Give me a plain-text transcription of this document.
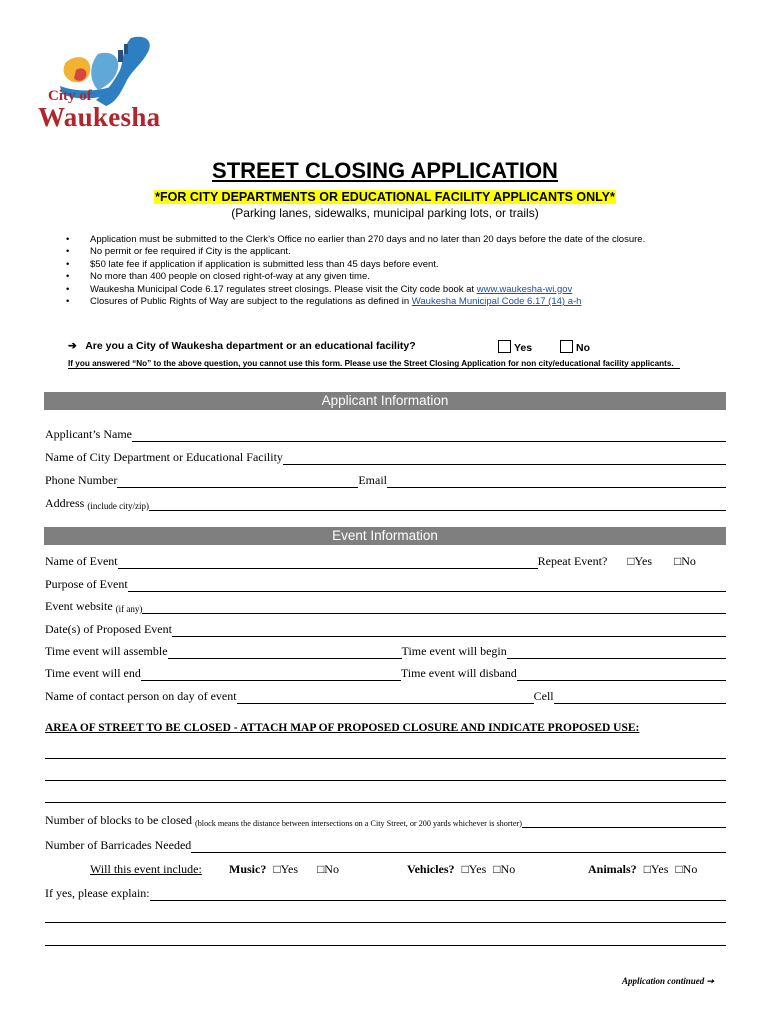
City of
Waukesha
STREET CLOSING APPLICATION
*FOR CITY DEPARTMENTS OR EDUCATIONAL FACILITY APPLICANTS ONLY*
(Parking lanes, sidewalks, municipal parking lots, or trails)
• Application must be submitted to the Clerk’s Office no earlier than 270 days and no later than 20 days before the date of the closure.
• No permit or fee required if City is the applicant.
• $50 late fee if application if application is submitted less than 45 days before event.
• No more than 400 people on closed right-of-way at any given time.
• Waukesha Municipal Code 6.17 regulates street closings. Please visit the City code book at www.waukesha-wi.gov
• Closures of Public Rights of Way are subject to the regulations as defined in Waukesha Municipal Code 6.17 (14) a-h
➔ Are you a City of Waukesha department or an educational facility?	Yes	No
If you answered “No” to the above question, you cannot use this form. Please use the Street Closing Application for non city/educational facility applicants.
Applicant Information
Applicant’s Name
Name of City Department or Educational Facility
Phone Number	Email
Address (include city/zip)
Event Information
Name of Event	Repeat Event? □Yes □No
Purpose of Event
Event website (if any)
Date(s) of Proposed Event
Time event will assemble	Time event will begin
Time event will end	Time event will disband
Name of contact person on day of event	Cell
AREA OF STREET TO BE CLOSED - ATTACH MAP OF PROPOSED CLOSURE AND INDICATE PROPOSED USE:
Number of blocks to be closed (block means the distance between intersections on a City Street, or 200 yards whichever is shorter)
Number of Barricades Needed
Will this event include: Music? □Yes □No	Vehicles? □Yes □No	Animals? □Yes □No
If yes, please explain:
Application continued ➙
